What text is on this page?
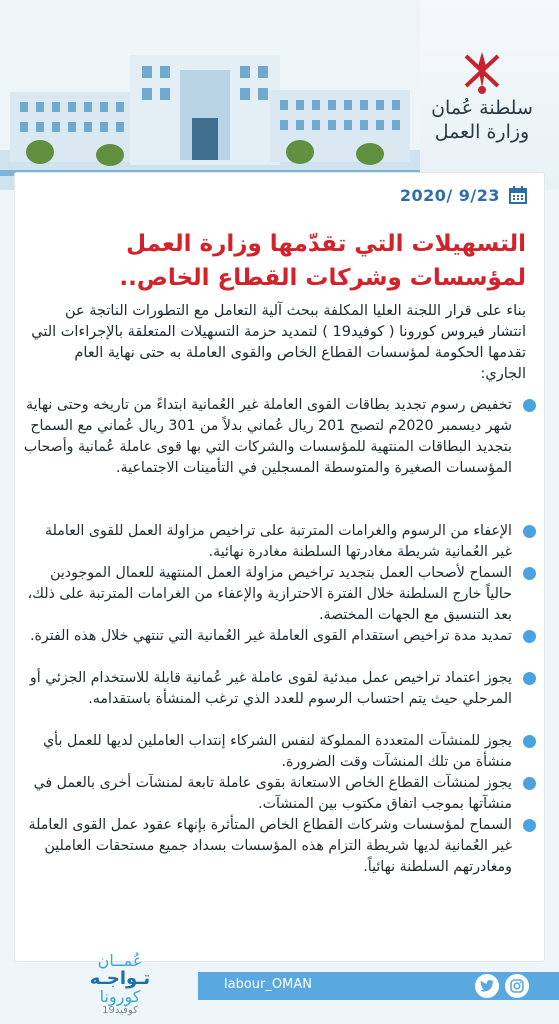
سلطنة عُمان
وزارة العمل
2020/ 9/23
التسهيلات التي تقدّمها وزارة العمل لمؤسسات وشركات القطاع الخاص..
بناء على قرار اللجنة العليا المكلفة ببحث آلية التعامل مع التطورات الناتجة عن انتشار فيروس كورونا ( كوفيد19 ) لتمديد حزمة التسهيلات المتعلقة بالإجراءات التي تقدمها الحكومة لمؤسسات القطاع الخاص والقوى العاملة به حتى نهاية العام الجاري:
تخفيض رسوم تجديد بطاقات القوى العاملة غير العُمانية ابتداءً من تاريخه وحتى نهاية شهر ديسمبر 2020م لتصبح 201 ريال عُماني بدلاً من 301 ريال عُماني مع السماح بتجديد البطاقات المنتهية للمؤسسات والشركات التي بها قوى عاملة عُمانية وأصحاب المؤسسات الصغيرة والمتوسطة المسجلين في التأمينات الاجتماعية.
الإعفاء من الرسوم والغرامات المترتبة على تراخيص مزاولة العمل للقوى العاملة غير العُمانية شريطة مغادرتها السلطنة مغادرة نهائية.
السماح لأصحاب العمل بتجديد تراخيص مزاولة العمل المنتهية للعمال الموجودين حالياً خارج السلطنة خلال الفترة الاحترازية والإعفاء من الغرامات المترتبة على ذلك، بعد التنسيق مع الجهات المختصة.
تمديد مدة تراخيص استقدام القوى العاملة غير العُمانية التي تنتهي خلال هذه الفترة.
يجوز اعتماد تراخيص عمل مبدئية لقوى عاملة غير عُمانية قابلة للاستخدام الجزئي أو المرحلي حيث يتم احتساب الرسوم للعدد الذي ترغب المنشأة باستقدامه.
يجوز للمنشآت المتعددة المملوكة لنفس الشركاء إنتداب العاملين لديها للعمل بأي منشأة من تلك المنشآت وقت الضرورة.
يجوز لمنشآت القطاع الخاص الاستعانة بقوى عاملة تابعة لمنشآت أخرى بالعمل في منشآتها بموجب اتفاق مكتوب بين المنشآت.
السماح لمؤسسات وشركات القطاع الخاص المتأثرة بإنهاء عقود عمل القوى العاملة غير العُمانية لديها شريطة التزام هذه المؤسسات بسداد جميع مستحقات العاملين ومغادرتهم السلطنة نهائياً.
عُمــان
تـواجـه
كورونا
كوفيد19
labour_OMAN
